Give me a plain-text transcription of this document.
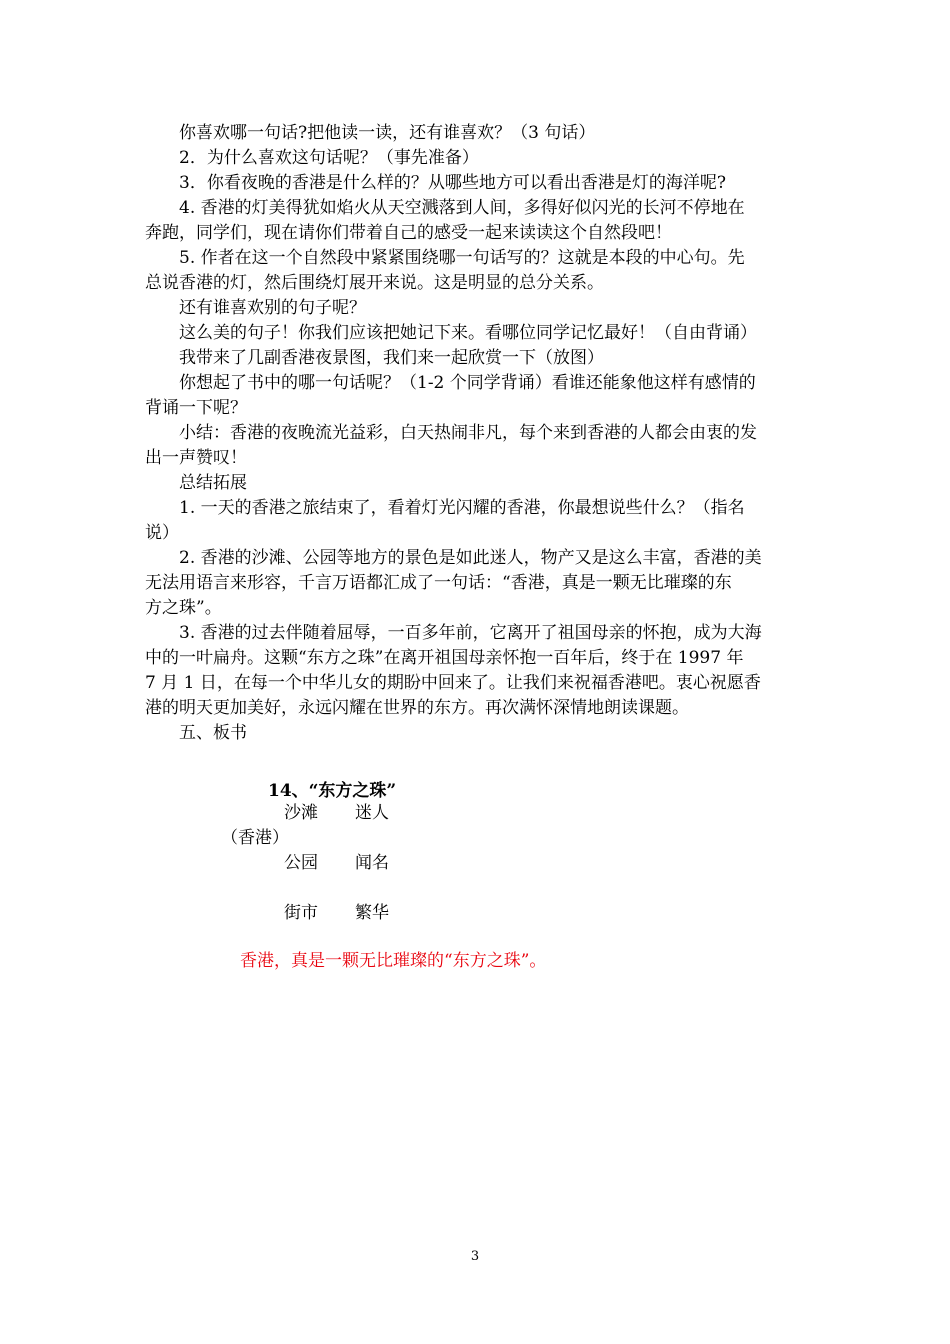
你喜欢哪一句话?把他读一读，还有谁喜欢？（3 句话）
2．为什么喜欢这句话呢？（事先准备）
3．你看夜晚的香港是什么样的？从哪些地方可以看出香港是灯的海洋呢?
4. 香港的灯美得犹如焰火从天空溅落到人间，多得好似闪光的长河不停地在
奔跑，同学们，现在请你们带着自己的感受一起来读读这个自然段吧！
5. 作者在这一个自然段中紧紧围绕哪一句话写的？这就是本段的中心句。先
总说香港的灯，然后围绕灯展开来说。这是明显的总分关系。
还有谁喜欢别的句子呢？
这么美的句子！你我们应该把她记下来。看哪位同学记忆最好！（自由背诵）
我带来了几副香港夜景图，我们来一起欣赏一下（放图）
你想起了书中的哪一句话呢？（1-2 个同学背诵）看谁还能象他这样有感情的
背诵一下呢？
小结：香港的夜晚流光益彩，白天热闹非凡，每个来到香港的人都会由衷的发
出一声赞叹！
总结拓展
1. 一天的香港之旅结束了，看着灯光闪耀的香港，你最想说些什么？（指名
说）
2. 香港的沙滩、公园等地方的景色是如此迷人，物产又是这么丰富，香港的美
无法用语言来形容，千言万语都汇成了一句话：“香港，真是一颗无比璀璨的东
方之珠”。
3. 香港的过去伴随着屈辱，一百多年前，它离开了祖国母亲的怀抱，成为大海
中的一叶扁舟。这颗“东方之珠”在离开祖国母亲怀抱一百年后，终于在 1997 年
7 月 1 日，在每一个中华儿女的期盼中回来了。让我们来祝福香港吧。衷心祝愿香
港的明天更加美好，永远闪耀在世界的东方。再次满怀深情地朗读课题。
五、板书
14、“东方之珠”
沙滩 迷人
（香港）
公园 闻名
街市 繁华
香港，真是一颗无比璀璨的“东方之珠”。
3
